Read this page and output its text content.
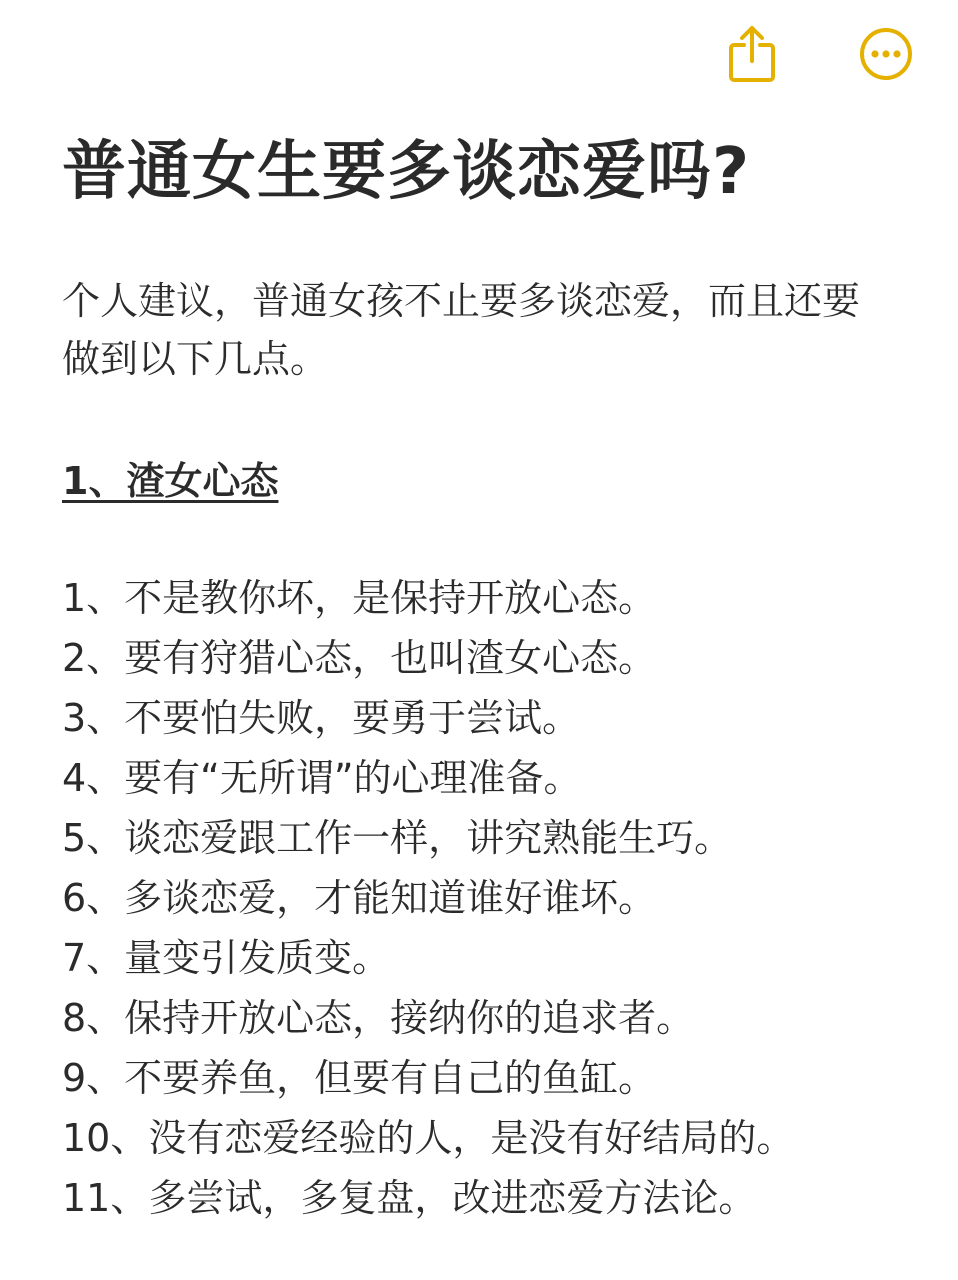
普通女生要多谈恋爱吗?
个人建议，普通女孩不止要多谈恋爱，而且还要做到以下几点。
1、渣女心态
1、不是教你坏，是保持开放心态。
2、要有狩猎心态，也叫渣女心态。
3、不要怕失败，要勇于尝试。
4、要有“无所谓”的心理准备。
5、谈恋爱跟工作一样，讲究熟能生巧。
6、多谈恋爱，才能知道谁好谁坏。
7、量变引发质变。
8、保持开放心态，接纳你的追求者。
9、不要养鱼，但要有自己的鱼缸。
10、没有恋爱经验的人，是没有好结局的。
11、多尝试，多复盘，改进恋爱方法论。
